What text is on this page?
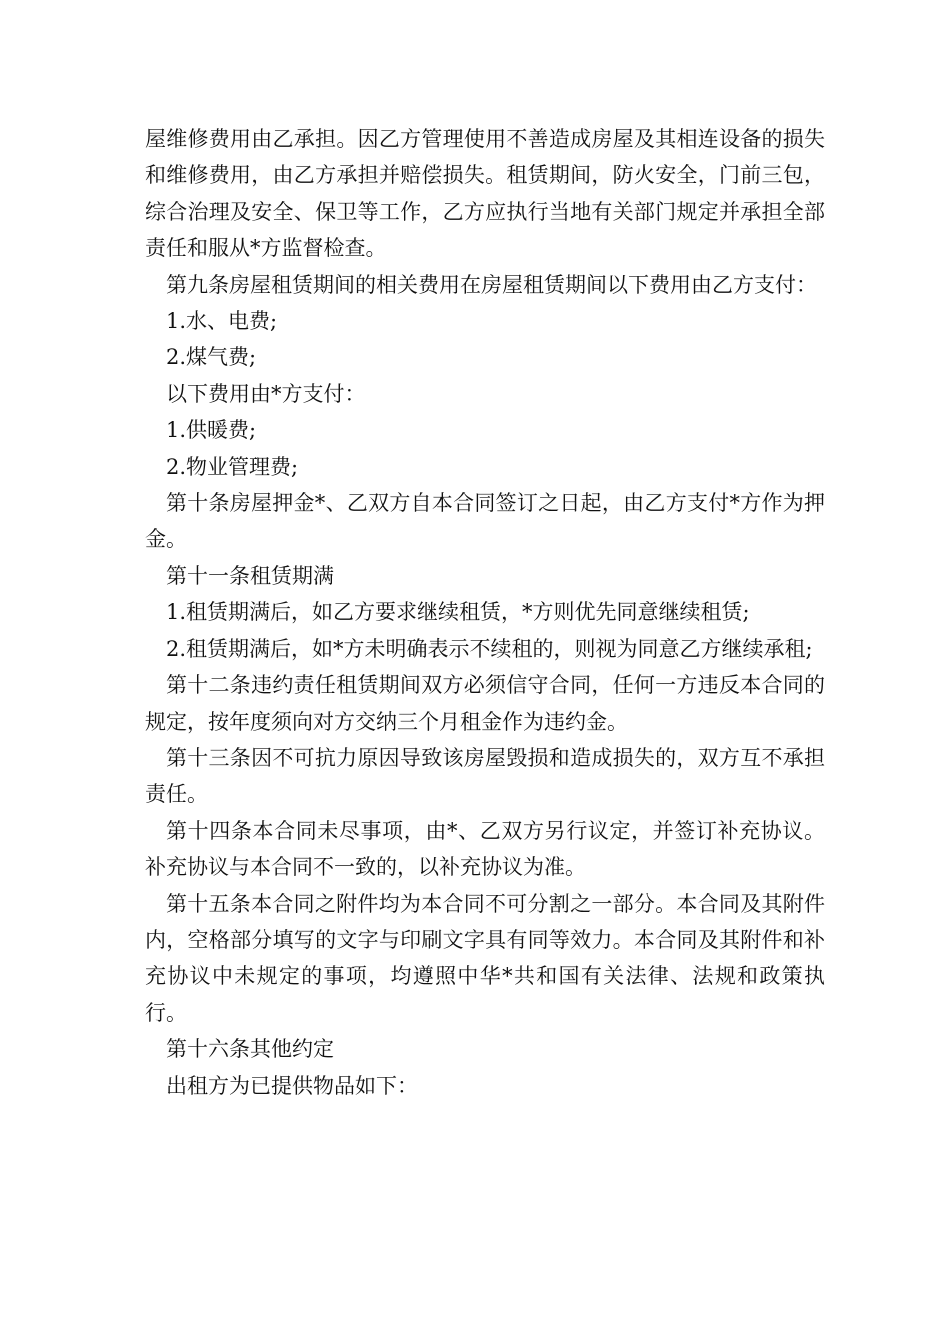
屋维修费用由乙承担。因乙方管理使用不善造成房屋及其相连设备的损失和维修费用，由乙方承担并赔偿损失。租赁期间，防火安全，门前三包，综合治理及安全、保卫等工作，乙方应执行当地有关部门规定并承担全部责任和服从*方监督检查。

第九条房屋租赁期间的相关费用在房屋租赁期间以下费用由乙方支付：

1.水、电费;

2.煤气费;

以下费用由*方支付：

1.供暖费;

2.物业管理费;

第十条房屋押金*、乙双方自本合同签订之日起，由乙方支付*方作为押金。

第十一条租赁期满

1.租赁期满后，如乙方要求继续租赁，*方则优先同意继续租赁;

2.租赁期满后，如*方未明确表示不续租的，则视为同意乙方继续承租;

第十二条违约责任租赁期间双方必须信守合同，任何一方违反本合同的规定，按年度须向对方交纳三个月租金作为违约金。

第十三条因不可抗力原因导致该房屋毁损和造成损失的，双方互不承担责任。

第十四条本合同未尽事项，由*、乙双方另行议定，并签订补充协议。补充协议与本合同不一致的，以补充协议为准。

第十五条本合同之附件均为本合同不可分割之一部分。本合同及其附件内，空格部分填写的文字与印刷文字具有同等效力。本合同及其附件和补充协议中未规定的事项，均遵照中华*共和国有关法律、法规和政策执行。

第十六条其他约定

出租方为已提供物品如下：
